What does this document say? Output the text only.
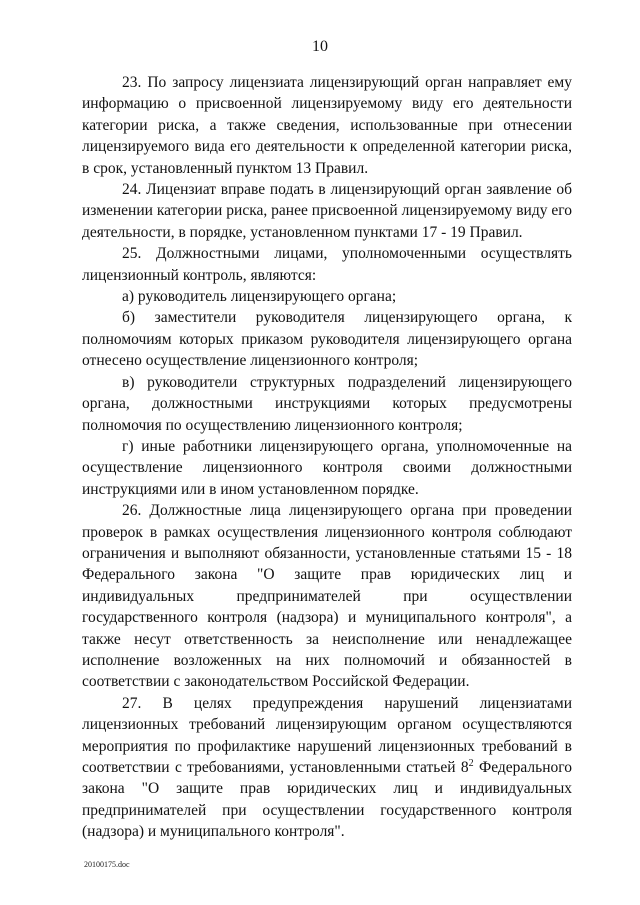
10

23. По запросу лицензиата лицензирующий орган направляет ему информацию о присвоенной лицензируемому виду его деятельности категории риска, а также сведения, использованные при отнесении лицензируемого вида его деятельности к определенной категории риска, в срок, установленный пунктом 13 Правил.

24. Лицензиат вправе подать в лицензирующий орган заявление об изменении категории риска, ранее присвоенной лицензируемому виду его деятельности, в порядке, установленном пунктами 17 - 19 Правил.

25. Должностными лицами, уполномоченными осуществлять лицензионный контроль, являются:

а) руководитель лицензирующего органа;

б) заместители руководителя лицензирующего органа, к полномочиям которых приказом руководителя лицензирующего органа отнесено осуществление лицензионного контроля;

в) руководители структурных подразделений лицензирующего органа, должностными инструкциями которых предусмотрены полномочия по осуществлению лицензионного контроля;

г) иные работники лицензирующего органа, уполномоченные на осуществление лицензионного контроля своими должностными инструкциями или в ином установленном порядке.

26. Должностные лица лицензирующего органа при проведении проверок в рамках осуществления лицензионного контроля соблюдают ограничения и выполняют обязанности, установленные статьями 15 - 18 Федерального закона "О защите прав юридических лиц и индивидуальных предпринимателей при осуществлении государственного контроля (надзора) и муниципального контроля", а также несут ответственность за неисполнение или ненадлежащее исполнение возложенных на них полномочий и обязанностей в соответствии с законодательством Российской Федерации.

27. В целях предупреждения нарушений лицензиатами лицензионных требований лицензирующим органом осуществляются мероприятия по профилактике нарушений лицензионных требований в соответствии с требованиями, установленными статьей $8^2$ Федерального закона "О защите прав юридических лиц и индивидуальных предпринимателей при осуществлении государственного контроля (надзора) и муниципального контроля".

20100175.doc
